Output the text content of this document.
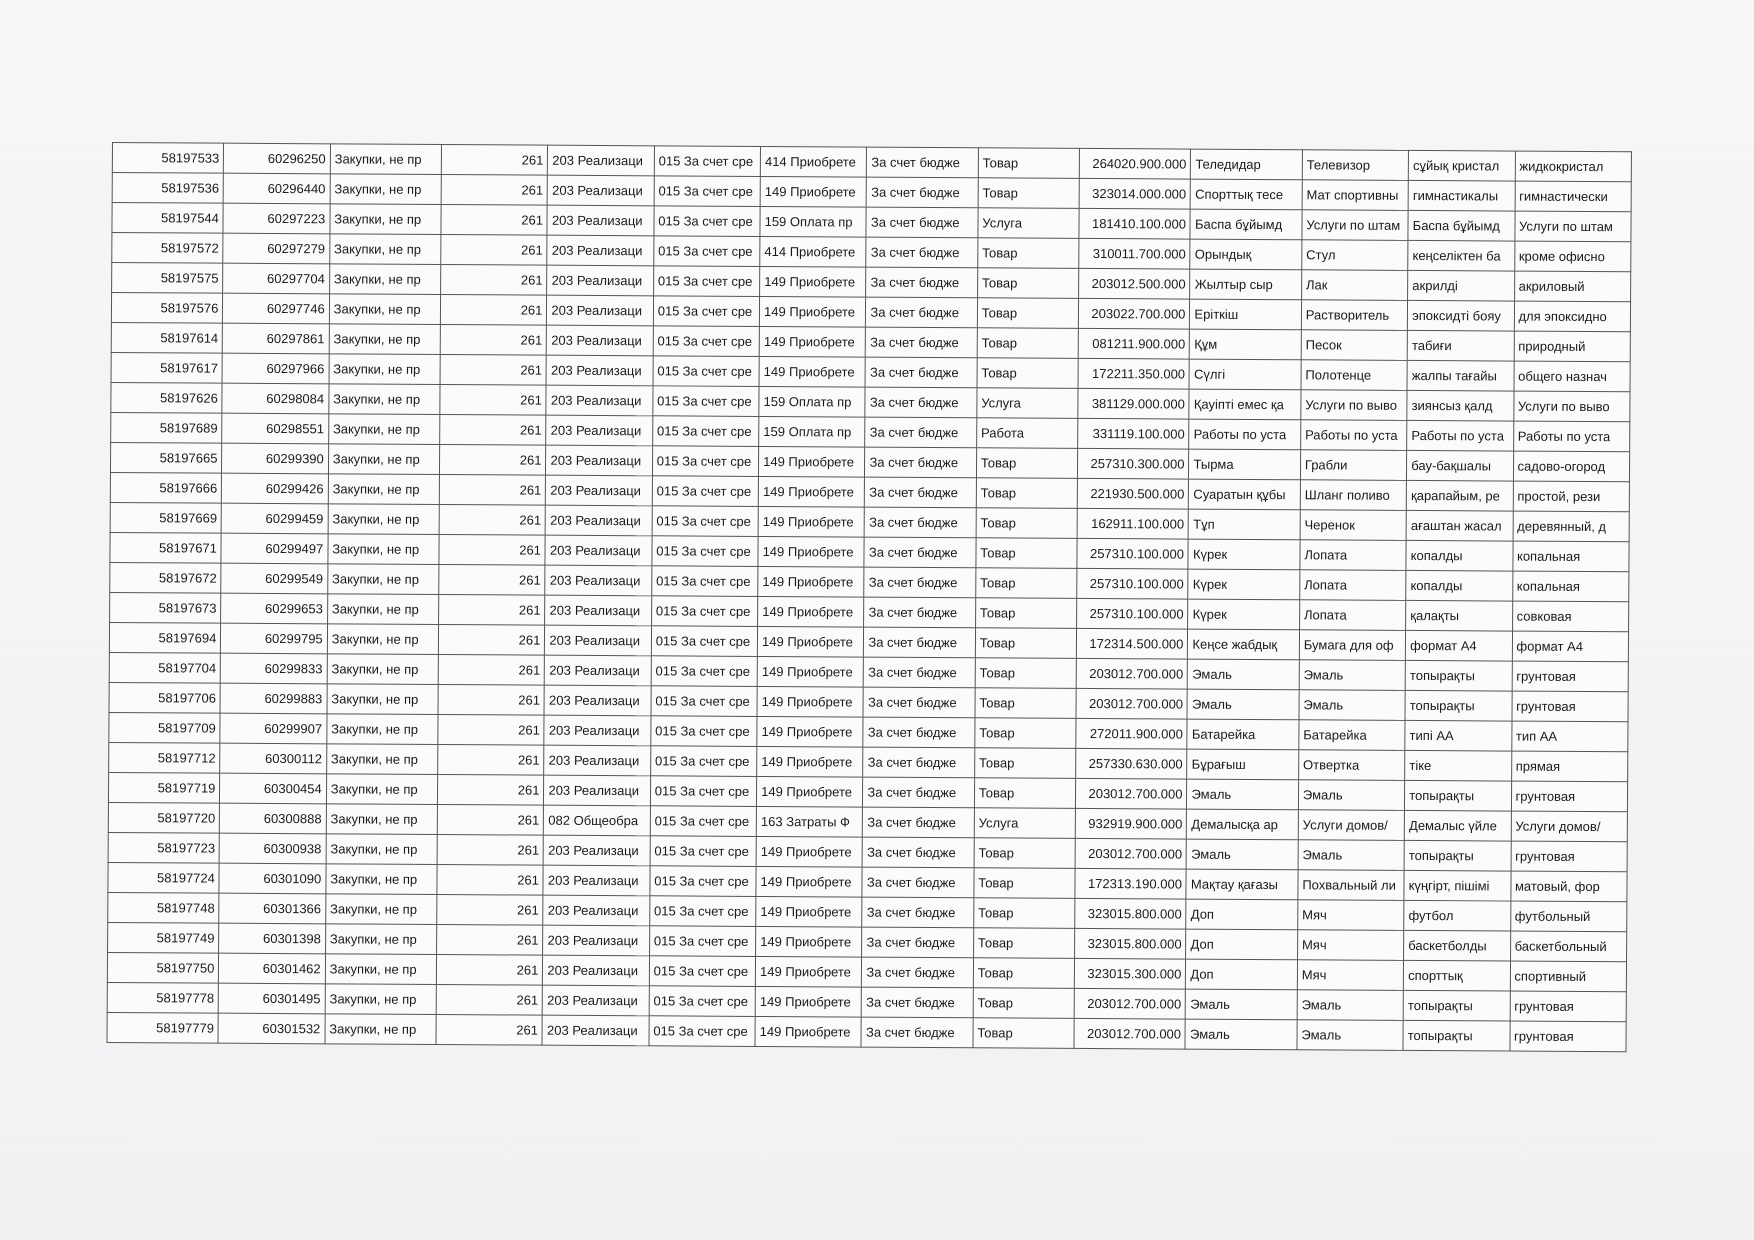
58197533	60296250	Закупки, не пр	261	203 Реализаци	015 За счет сре	414 Приобрете	За счет бюдже	Товар	264020.900.000	Теледидар	Телевизор	сұйық кристал	жидкокристал
58197536	60296440	Закупки, не пр	261	203 Реализаци	015 За счет сре	149 Приобрете	За счет бюдже	Товар	323014.000.000	Спорттық тесе	Мат спортивны	гимнастикалы	гимнастически
58197544	60297223	Закупки, не пр	261	203 Реализаци	015 За счет сре	159 Оплата пр	За счет бюдже	Услуга	181410.100.000	Баспа бұйымд	Услуги по штам	Баспа бұйымд	Услуги по штам
58197572	60297279	Закупки, не пр	261	203 Реализаци	015 За счет сре	414 Приобрете	За счет бюдже	Товар	310011.700.000	Орындық	Стул	кеңселіктен ба	кроме офисно
58197575	60297704	Закупки, не пр	261	203 Реализаци	015 За счет сре	149 Приобрете	За счет бюдже	Товар	203012.500.000	Жылтыр сыр	Лак	акрилді	акриловый
58197576	60297746	Закупки, не пр	261	203 Реализаци	015 За счет сре	149 Приобрете	За счет бюдже	Товар	203022.700.000	Еріткіш	Растворитель	эпоксидті бояу	для эпоксидно
58197614	60297861	Закупки, не пр	261	203 Реализаци	015 За счет сре	149 Приобрете	За счет бюдже	Товар	081211.900.000	Құм	Песок	табиғи	природный
58197617	60297966	Закупки, не пр	261	203 Реализаци	015 За счет сре	149 Приобрете	За счет бюдже	Товар	172211.350.000	Сүлгі	Полотенце	жалпы тағайы	общего назнач
58197626	60298084	Закупки, не пр	261	203 Реализаци	015 За счет сре	159 Оплата пр	За счет бюдже	Услуга	381129.000.000	Қауіпті емес қа	Услуги по выво	зиянсыз қалд	Услуги по выво
58197689	60298551	Закупки, не пр	261	203 Реализаци	015 За счет сре	159 Оплата пр	За счет бюдже	Работа	331119.100.000	Работы по уста	Работы по уста	Работы по уста	Работы по уста
58197665	60299390	Закупки, не пр	261	203 Реализаци	015 За счет сре	149 Приобрете	За счет бюдже	Товар	257310.300.000	Тырма	Грабли	бау-бақшалы	садово-огород
58197666	60299426	Закупки, не пр	261	203 Реализаци	015 За счет сре	149 Приобрете	За счет бюдже	Товар	221930.500.000	Суаратын құбы	Шланг поливо	қарапайым, ре	простой, рези
58197669	60299459	Закупки, не пр	261	203 Реализаци	015 За счет сре	149 Приобрете	За счет бюдже	Товар	162911.100.000	Тұп	Черенок	ағаштан жасал	деревянный, д
58197671	60299497	Закупки, не пр	261	203 Реализаци	015 За счет сре	149 Приобрете	За счет бюдже	Товар	257310.100.000	Күрек	Лопата	копалды	копальная
58197672	60299549	Закупки, не пр	261	203 Реализаци	015 За счет сре	149 Приобрете	За счет бюдже	Товар	257310.100.000	Күрек	Лопата	копалды	копальная
58197673	60299653	Закупки, не пр	261	203 Реализаци	015 За счет сре	149 Приобрете	За счет бюдже	Товар	257310.100.000	Күрек	Лопата	қалақты	совковая
58197694	60299795	Закупки, не пр	261	203 Реализаци	015 За счет сре	149 Приобрете	За счет бюдже	Товар	172314.500.000	Кеңсе жабдық	Бумага для оф	формат А4	формат А4
58197704	60299833	Закупки, не пр	261	203 Реализаци	015 За счет сре	149 Приобрете	За счет бюдже	Товар	203012.700.000	Эмаль	Эмаль	топырақты	грунтовая
58197706	60299883	Закупки, не пр	261	203 Реализаци	015 За счет сре	149 Приобрете	За счет бюдже	Товар	203012.700.000	Эмаль	Эмаль	топырақты	грунтовая
58197709	60299907	Закупки, не пр	261	203 Реализаци	015 За счет сре	149 Приобрете	За счет бюдже	Товар	272011.900.000	Батарейка	Батарейка	типі АА	тип АА
58197712	60300112	Закупки, не пр	261	203 Реализаци	015 За счет сре	149 Приобрете	За счет бюдже	Товар	257330.630.000	Бұрағыш	Отвертка	тіке	прямая
58197719	60300454	Закупки, не пр	261	203 Реализаци	015 За счет сре	149 Приобрете	За счет бюдже	Товар	203012.700.000	Эмаль	Эмаль	топырақты	грунтовая
58197720	60300888	Закупки, не пр	261	082 Общеобра	015 За счет сре	163 Затраты Ф	За счет бюдже	Услуга	932919.900.000	Демалысқа ар	Услуги домов/	Демалыс үйле	Услуги домов/
58197723	60300938	Закупки, не пр	261	203 Реализаци	015 За счет сре	149 Приобрете	За счет бюдже	Товар	203012.700.000	Эмаль	Эмаль	топырақты	грунтовая
58197724	60301090	Закупки, не пр	261	203 Реализаци	015 За счет сре	149 Приобрете	За счет бюдже	Товар	172313.190.000	Мақтау қағазы	Похвальный ли	күңгірт, пішімі	матовый, фор
58197748	60301366	Закупки, не пр	261	203 Реализаци	015 За счет сре	149 Приобрете	За счет бюдже	Товар	323015.800.000	Доп	Мяч	футбол	футбольный
58197749	60301398	Закупки, не пр	261	203 Реализаци	015 За счет сре	149 Приобрете	За счет бюдже	Товар	323015.800.000	Доп	Мяч	баскетболды	баскетбольный
58197750	60301462	Закупки, не пр	261	203 Реализаци	015 За счет сре	149 Приобрете	За счет бюдже	Товар	323015.300.000	Доп	Мяч	спорттық	спортивный
58197778	60301495	Закупки, не пр	261	203 Реализаци	015 За счет сре	149 Приобрете	За счет бюдже	Товар	203012.700.000	Эмаль	Эмаль	топырақты	грунтовая
58197779	60301532	Закупки, не пр	261	203 Реализаци	015 За счет сре	149 Приобрете	За счет бюдже	Товар	203012.700.000	Эмаль	Эмаль	топырақты	грунтовая
